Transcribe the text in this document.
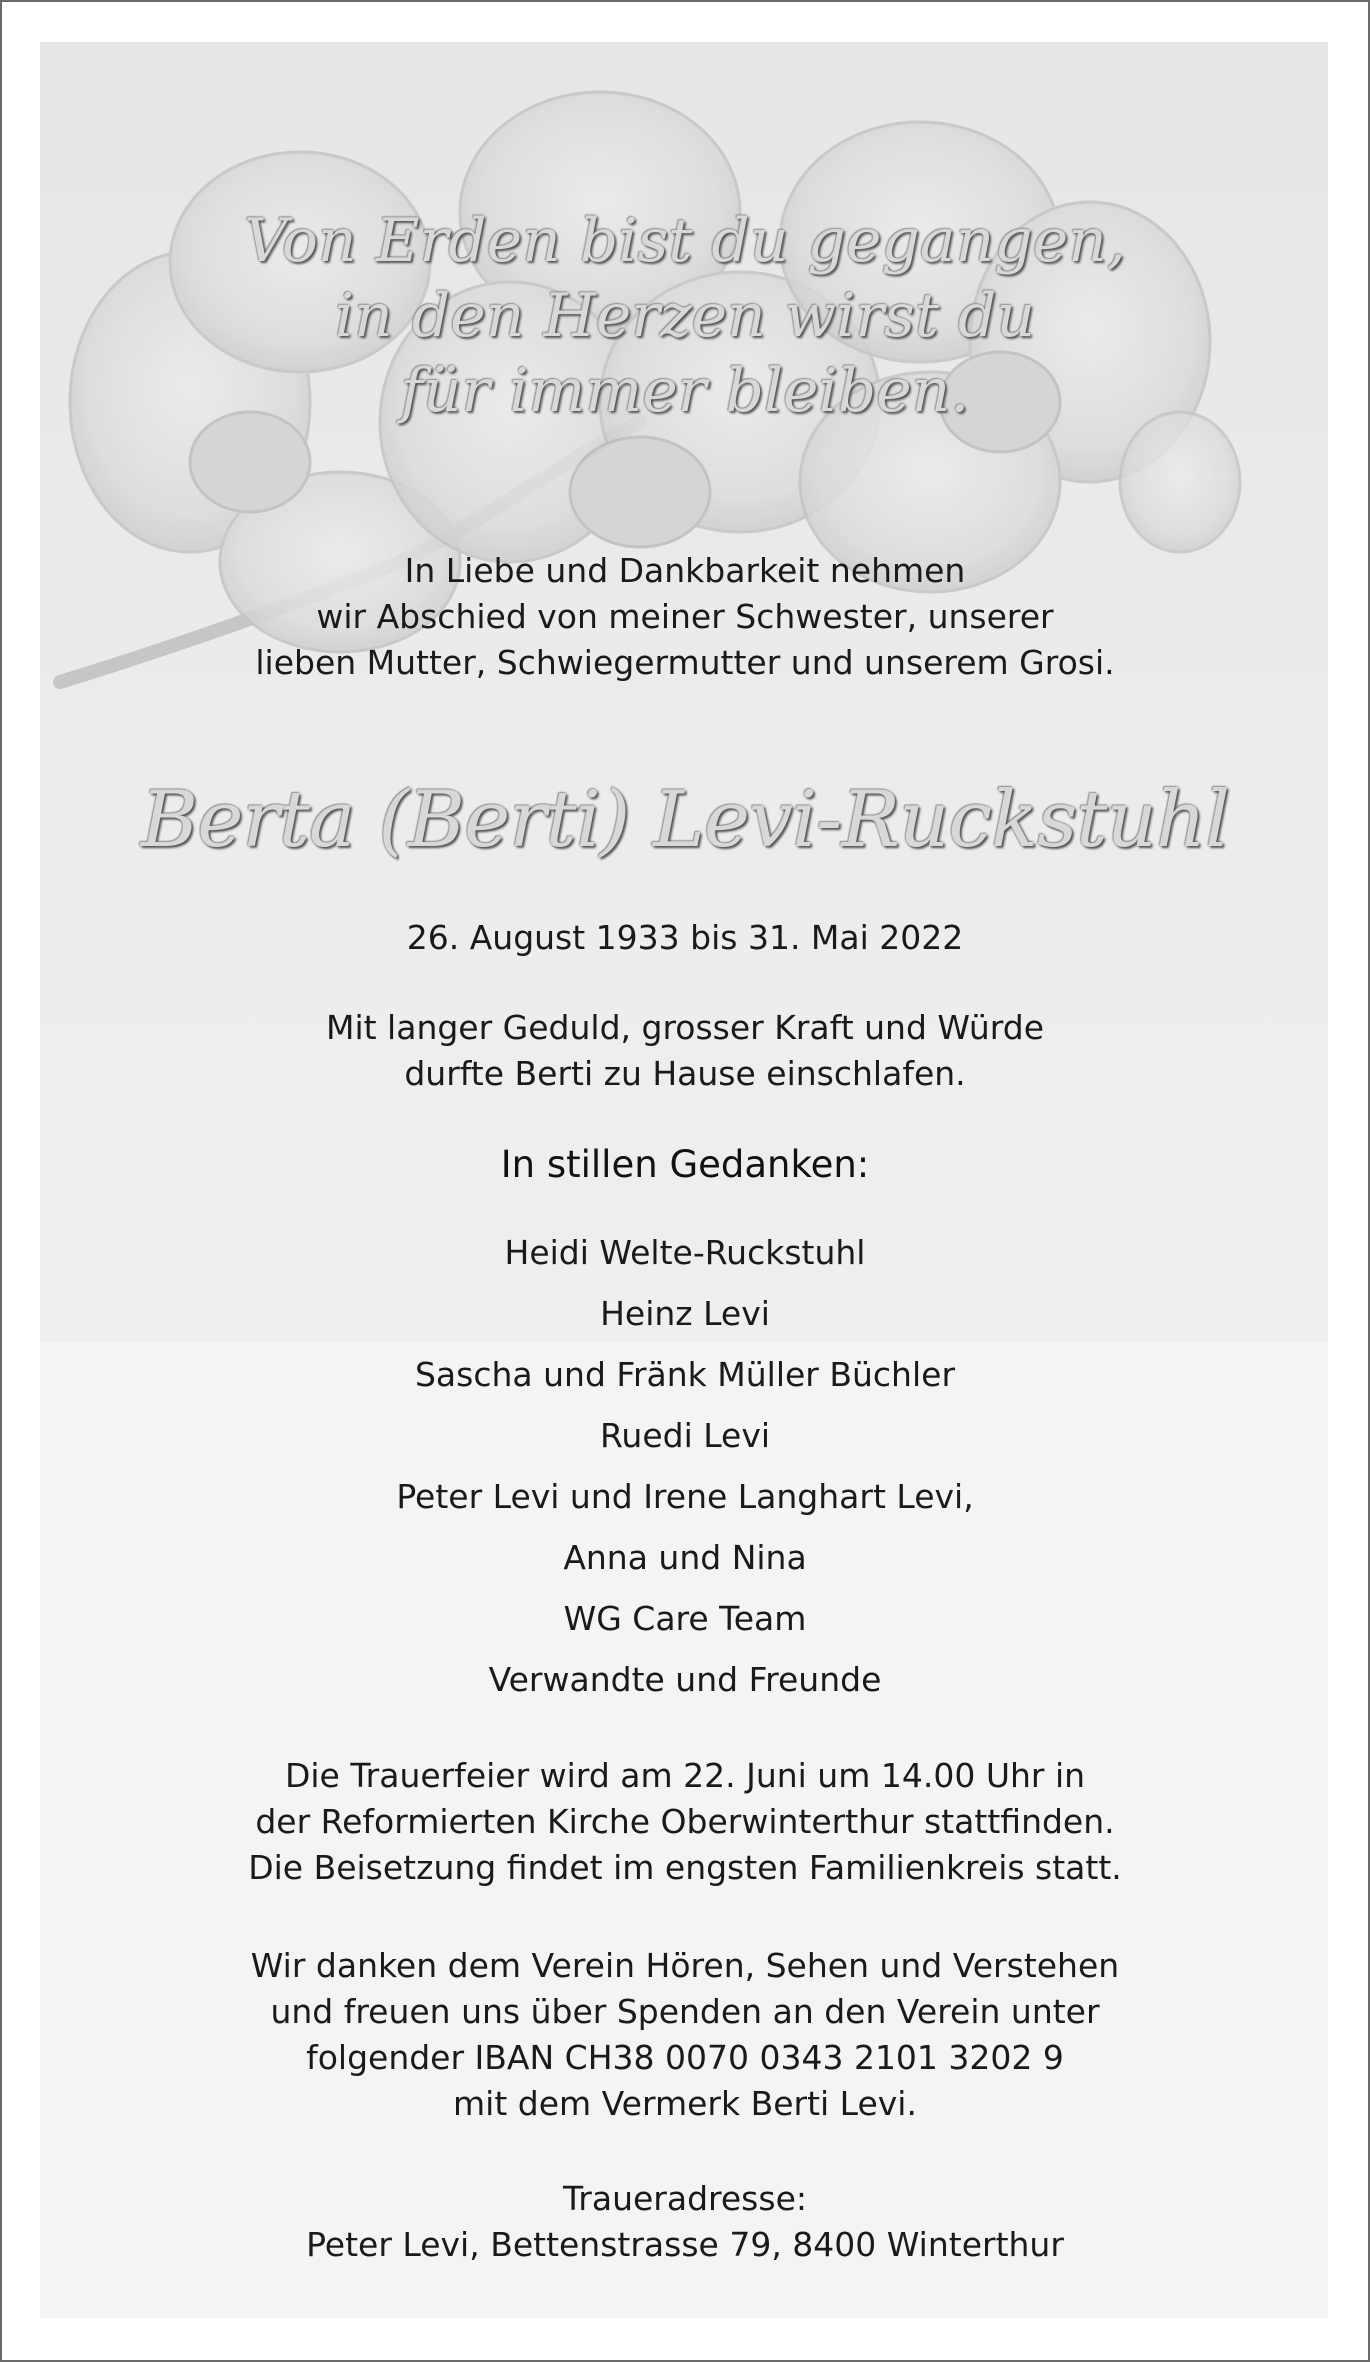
Von Erden bist du gegangen,
in den Herzen wirst du
für immer bleiben.
In Liebe und Dankbarkeit nehmen
wir Abschied von meiner Schwester, unserer
lieben Mutter, Schwiegermutter und unserem Grosi.
Berta (Berti) Levi-Ruckstuhl
26. August 1933 bis 31. Mai 2022
Mit langer Geduld, grosser Kraft und Würde
durfte Berti zu Hause einschlafen.
In stillen Gedanken:
Heidi Welte-Ruckstuhl
Heinz Levi
Sascha und Fränk Müller Büchler
Ruedi Levi
Peter Levi und Irene Langhart Levi,
Anna und Nina
WG Care Team
Verwandte und Freunde
Die Trauerfeier wird am 22. Juni um 14.00 Uhr in
der Reformierten Kirche Oberwinterthur stattfinden.
Die Beisetzung findet im engsten Familienkreis statt.
Wir danken dem Verein Hören, Sehen und Verstehen
und freuen uns über Spenden an den Verein unter
folgender IBAN CH38 0070 0343 2101 3202 9
mit dem Vermerk Berti Levi.
Traueradresse:
Peter Levi, Bettenstrasse 79, 8400 Winterthur
